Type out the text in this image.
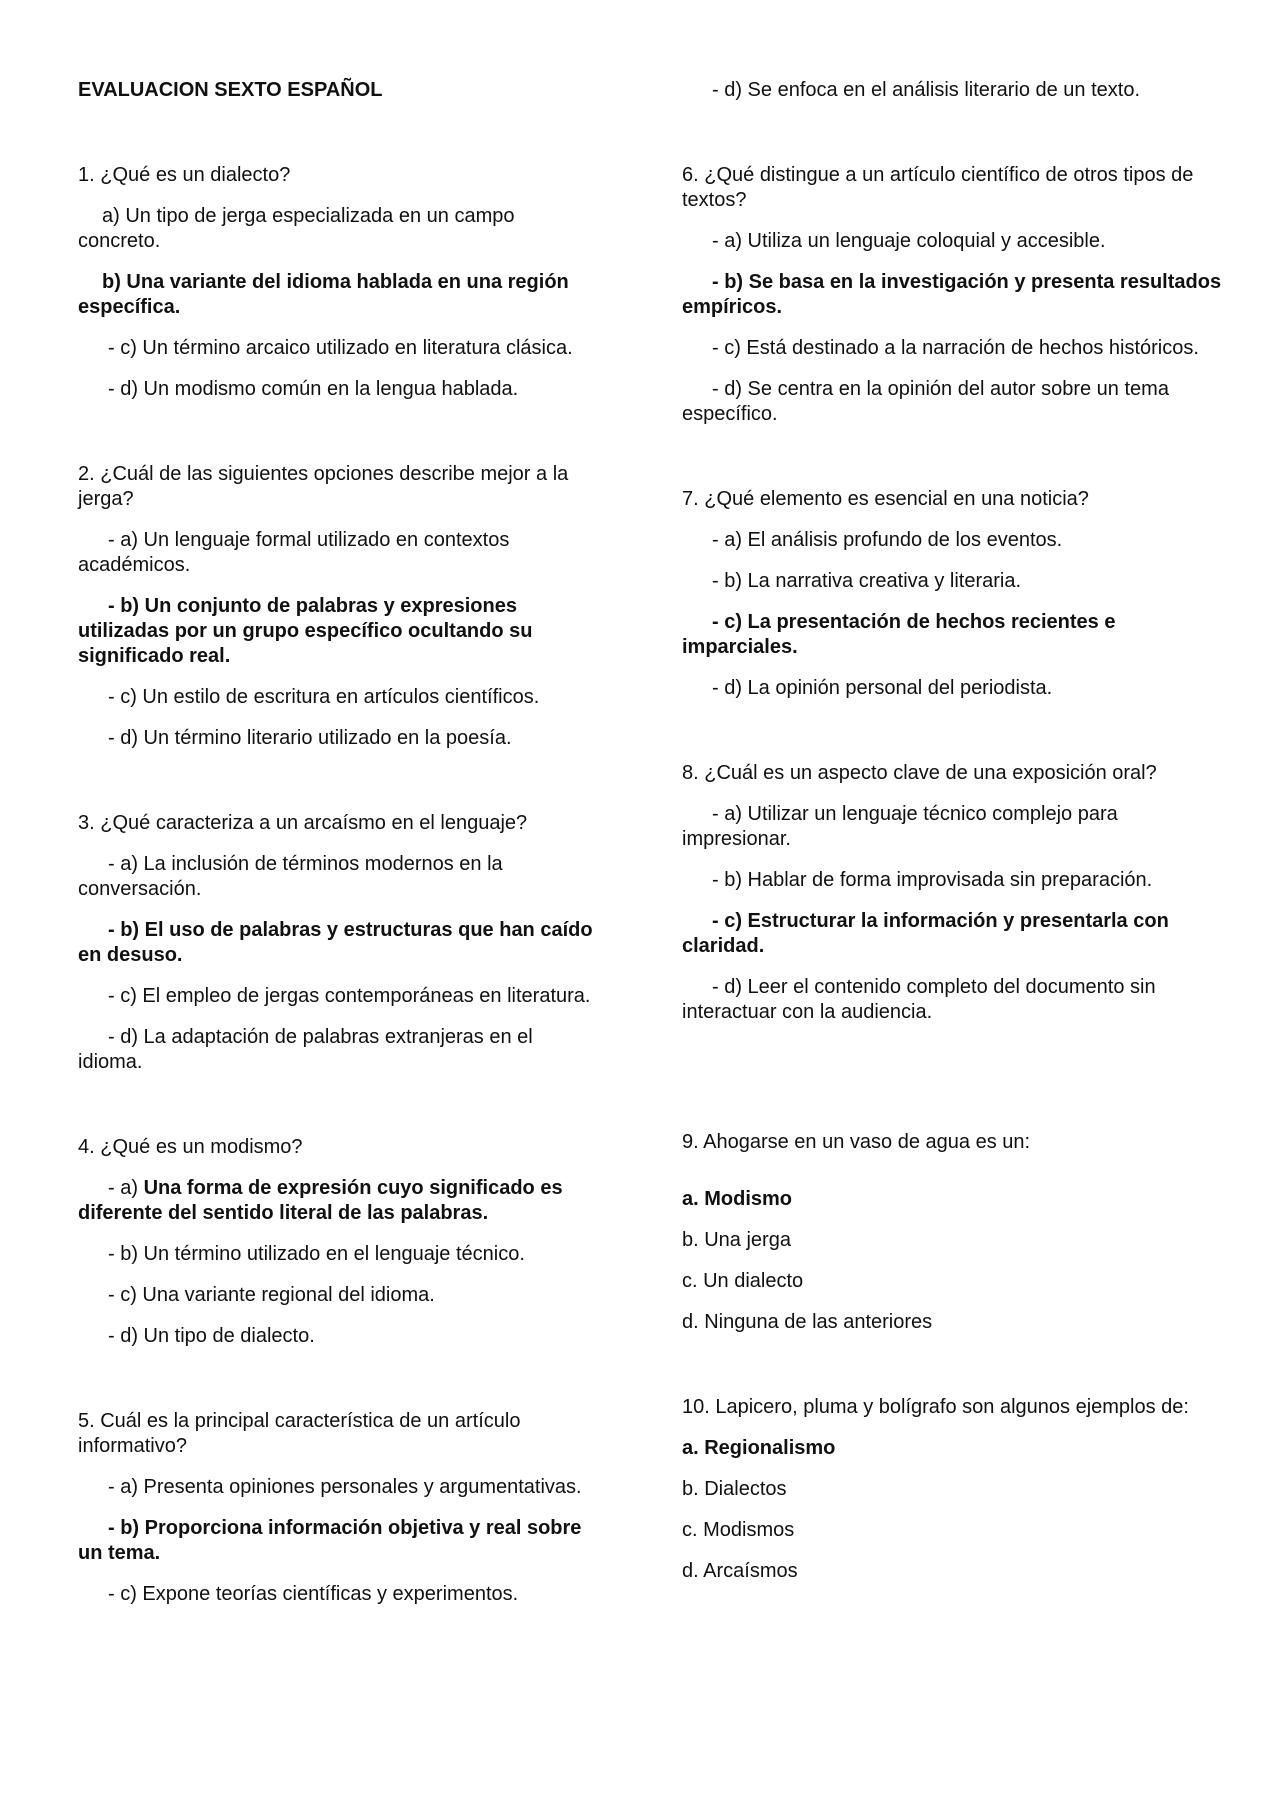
EVALUACION SEXTO ESPAÑOL

1. ¿Qué es un dialecto?

a) Un tipo de jerga especializada en un campo concreto.

b) Una variante del idioma hablada en una región específica.

- c) Un término arcaico utilizado en literatura clásica.

- d) Un modismo común en la lengua hablada.

2. ¿Cuál de las siguientes opciones describe mejor a la jerga?

- a) Un lenguaje formal utilizado en contextos académicos.

- b) Un conjunto de palabras y expresiones utilizadas por un grupo específico ocultando su significado real.

- c) Un estilo de escritura en artículos científicos.

- d) Un término literario utilizado en la poesía.

3. ¿Qué caracteriza a un arcaísmo en el lenguaje?

- a) La inclusión de términos modernos en la conversación.

- b) El uso de palabras y estructuras que han caído en desuso.

- c) El empleo de jergas contemporáneas en literatura.

- d) La adaptación de palabras extranjeras en el idioma.

4. ¿Qué es un modismo?

- a) Una forma de expresión cuyo significado es diferente del sentido literal de las palabras.

- b) Un término utilizado en el lenguaje técnico.

- c) Una variante regional del idioma.

- d) Un tipo de dialecto.

5. Cuál es la principal característica de un artículo informativo?

- a) Presenta opiniones personales y argumentativas.

- b) Proporciona información objetiva y real sobre un tema.

- c) Expone teorías científicas y experimentos.

- d) Se enfoca en el análisis literario de un texto.

6. ¿Qué distingue a un artículo científico de otros tipos de textos?

- a) Utiliza un lenguaje coloquial y accesible.

- b) Se basa en la investigación y presenta resultados empíricos.

- c) Está destinado a la narración de hechos históricos.

- d) Se centra en la opinión del autor sobre un tema específico.

7. ¿Qué elemento es esencial en una noticia?

- a) El análisis profundo de los eventos.

- b) La narrativa creativa y literaria.

- c) La presentación de hechos recientes e imparciales.

- d) La opinión personal del periodista.

8. ¿Cuál es un aspecto clave de una exposición oral?

- a) Utilizar un lenguaje técnico complejo para impresionar.

- b) Hablar de forma improvisada sin preparación.

- c) Estructurar la información y presentarla con claridad.

- d) Leer el contenido completo del documento sin interactuar con la audiencia.

9. Ahogarse en un vaso de agua es un:

a. Modismo

b. Una jerga

c. Un dialecto

d. Ninguna de las anteriores

10. Lapicero, pluma y bolígrafo son algunos ejemplos de:

a. Regionalismo

b. Dialectos

c. Modismos

d. Arcaísmos
